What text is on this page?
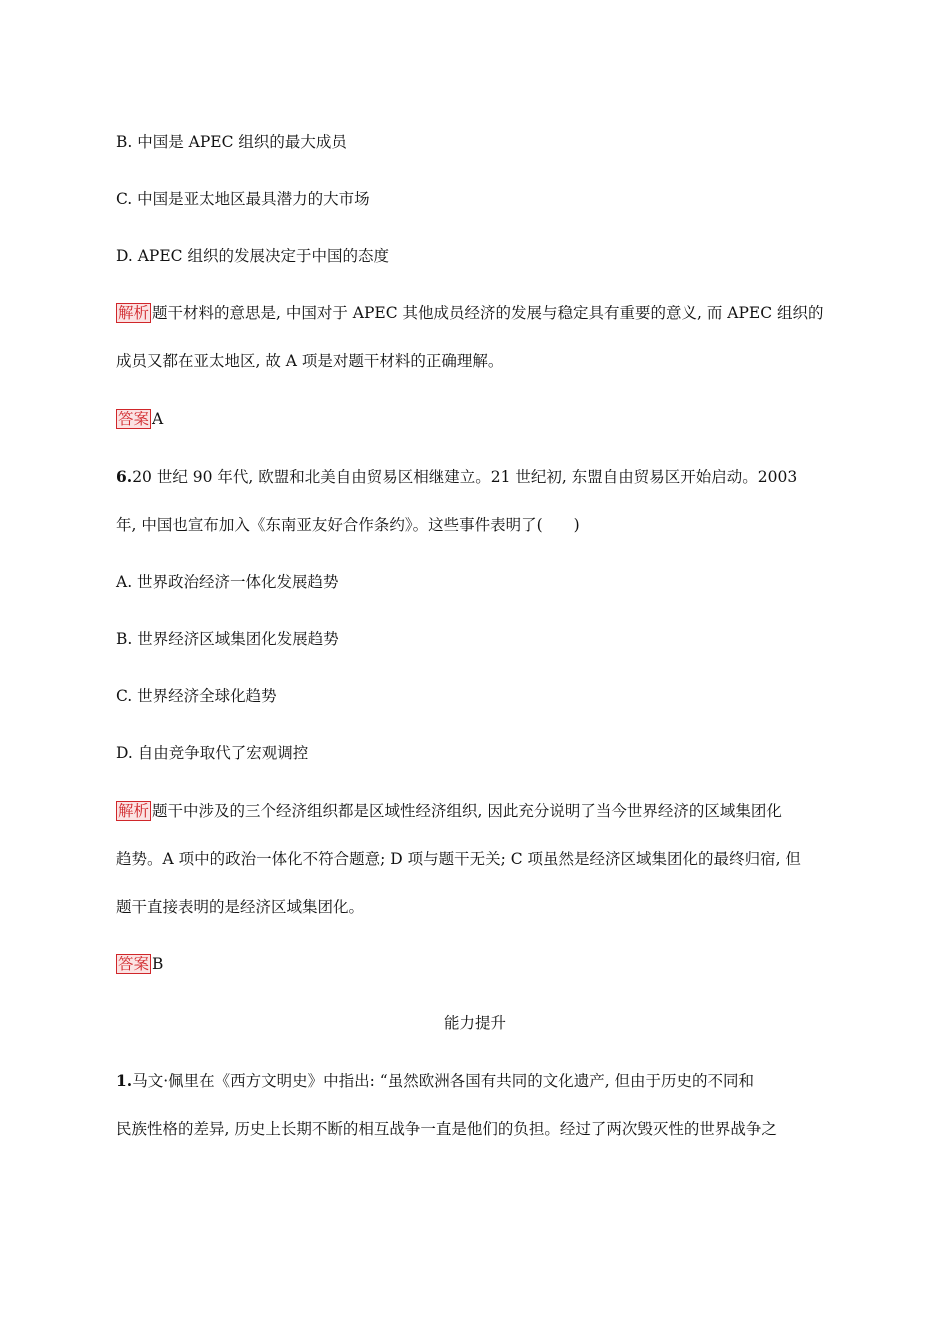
B. 中国是 APEC 组织的最大成员
C. 中国是亚太地区最具潜力的大市场
D. APEC 组织的发展决定于中国的态度
解析 题干材料的意思是, 中国对于 APEC 其他成员经济的发展与稳定具有重要的意义, 而 APEC 组织的
成员又都在亚太地区, 故 A 项是对题干材料的正确理解。
答案 A
6.20 世纪 90 年代, 欧盟和北美自由贸易区相继建立。21 世纪初, 东盟自由贸易区开始启动。2003
年, 中国也宣布加入《东南亚友好合作条约》。这些事件表明了(　　)
A. 世界政治经济一体化发展趋势
B. 世界经济区域集团化发展趋势
C. 世界经济全球化趋势
D. 自由竞争取代了宏观调控
解析 题干中涉及的三个经济组织都是区域性经济组织, 因此充分说明了当今世界经济的区域集团化
趋势。A 项中的政治一体化不符合题意; D 项与题干无关; C 项虽然是经济区域集团化的最终归宿, 但
题干直接表明的是经济区域集团化。
答案 B
能力提升
1.马文·佩里在《西方文明史》中指出: “虽然欧洲各国有共同的文化遗产, 但由于历史的不同和
民族性格的差异, 历史上长期不断的相互战争一直是他们的负担。经过了两次毁灭性的世界战争之
